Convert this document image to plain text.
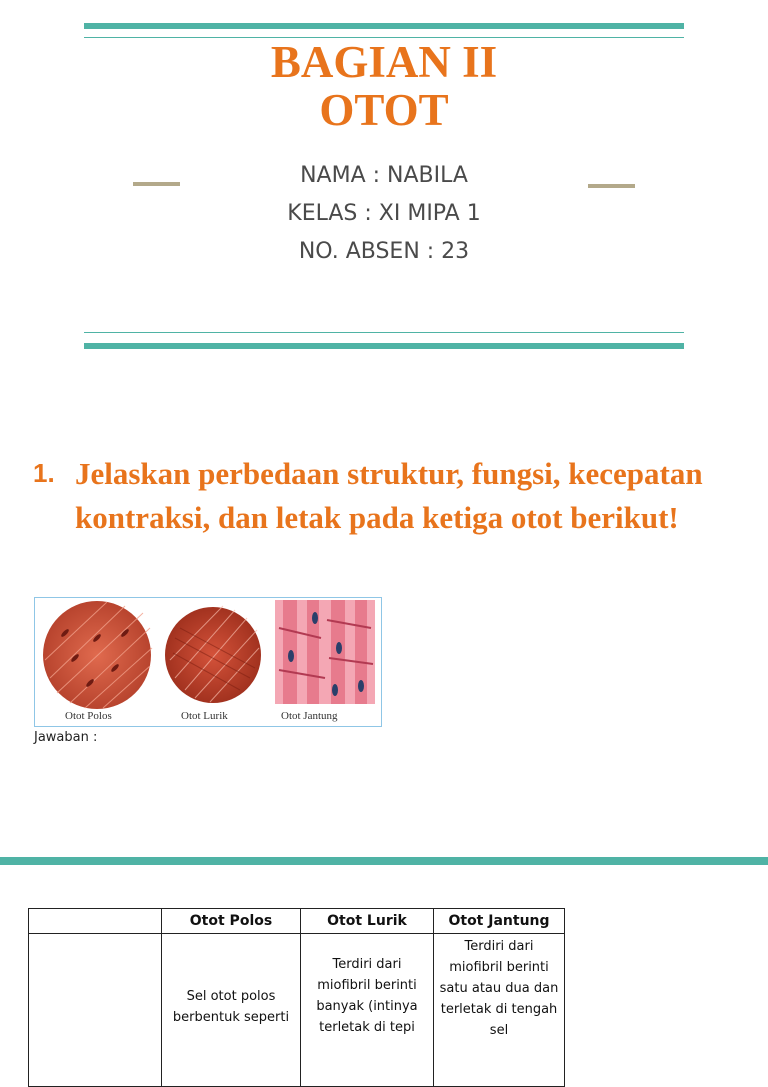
BAGIAN II
OTOT
NAMA : NABILA
KELAS : XI MIPA 1
NO. ABSEN : 23
1. Jelaskan perbedaan struktur, fungsi, kecepatan kontraksi, dan letak pada ketiga otot berikut!
Otot Polos	Otot Lurik	Otot Jantung
Jawaban :
	Otot Polos	Otot Lurik	Otot Jantung

	Sel otot polos berbentuk seperti	Terdiri dari miofibril berinti banyak (intinya terletak di tepi	Terdiri dari miofibril berinti satu atau dua dan terletak di tengah sel
